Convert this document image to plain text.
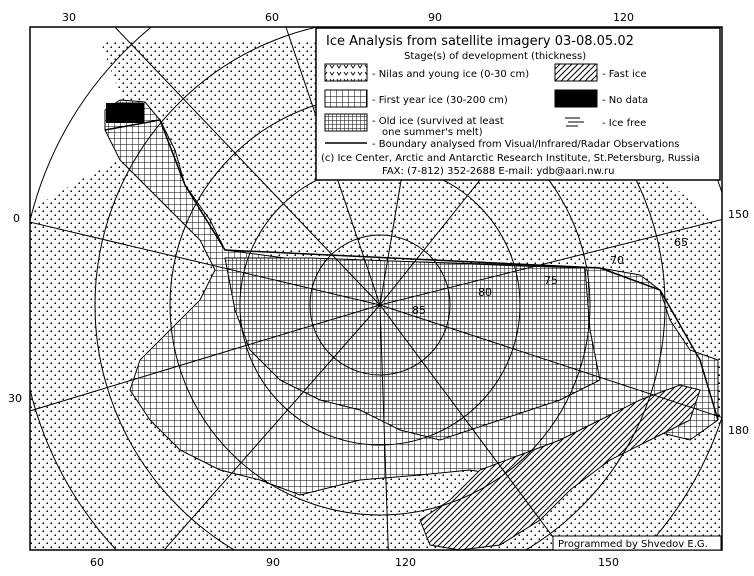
30	60	90	120
60	90	120	150
0
30
150
180
85
80
75
70
65
Ice Analysis from satellite imagery 03-08.05.02
Stage(s) of development (thickness)
- Nilas and young ice (0-30 cm)	- Fast ice
- First year ice (30-200 cm)	- No data
- Old ice (survived at least
one summer's melt)
- Ice free
- Boundary analysed from Visual/Infrared/Radar Observations
(c) Ice Center, Arctic and Antarctic Research Institute, St.Petersburg, Russia
FAX: (7-812) 352-2688 E-mail: ydb@aari.nw.ru
Programmed by Shvedov E.G.
